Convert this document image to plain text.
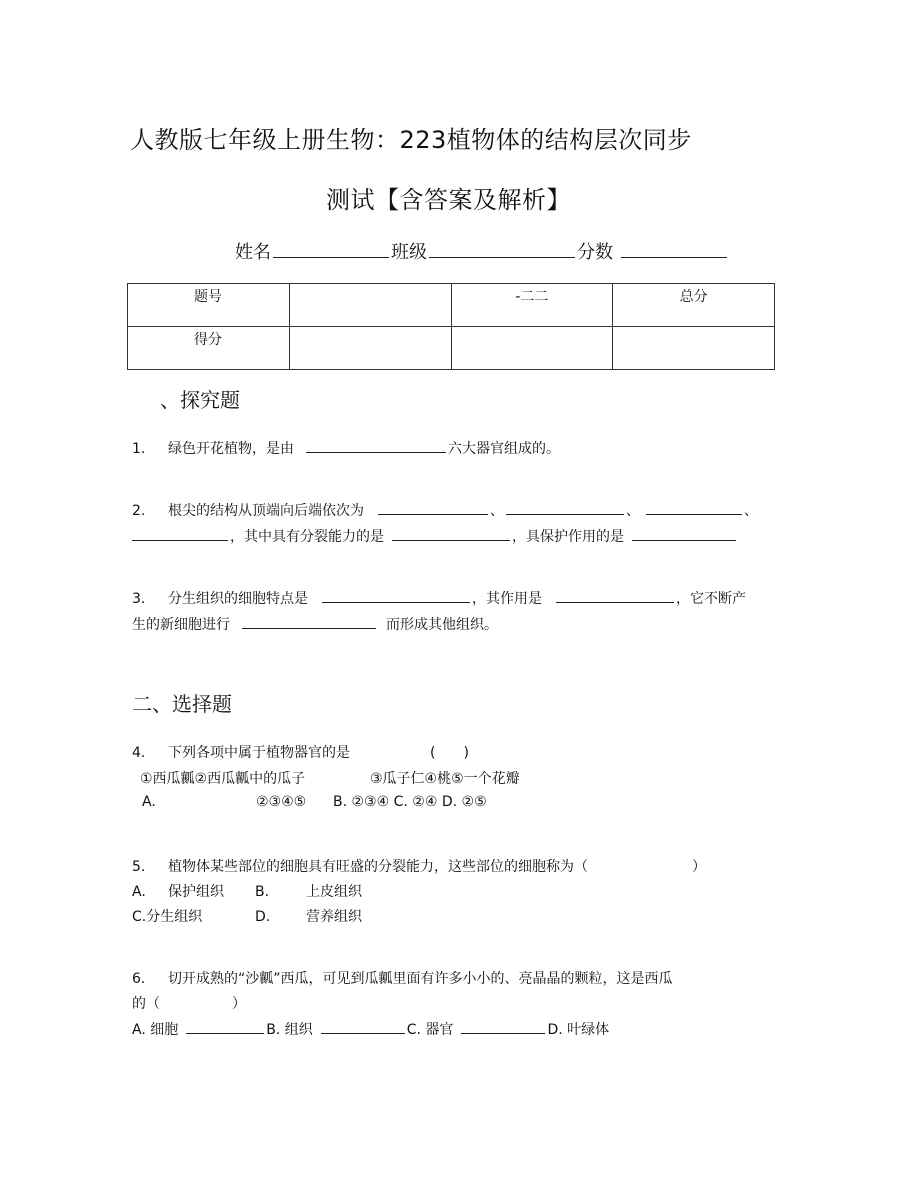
人教版七年级上册生物：223植物体的结构层次同步
测试【含答案及解析】
姓名	班级	分数
题号		-二二	总分
得分			
、探究题
1. 绿色开花植物，是由	六大器官组成的。
2. 根尖的结构从顶端向后端依次为	、	、	、
，其中具有分裂能力的是	，具保护作用的是
3. 分生组织的细胞特点是	，其作用是	，它不断产
生的新细胞进行	而形成其他组织。
二、选择题
4. 下列各项中属于植物器官的是	(　　)
①西瓜瓤②西瓜瓤中的瓜子	③瓜子仁④桃⑤一个花瓣
A.	②③④⑤ B. ②③④ C. ②④ D. ②⑤
5. 植物体某些部位的细胞具有旺盛的分裂能力，这些部位的细胞称为（	）
A. 保护组织 B.	上皮组织
C.分生组织	D.	营养组织
6. 切开成熟的“沙瓤”西瓜，可见到瓜瓤里面有许多小小的、亮晶晶的颗粒，这是西瓜
的（	）
A. 细胞	B. 组织	C. 器官	D. 叶绿体
